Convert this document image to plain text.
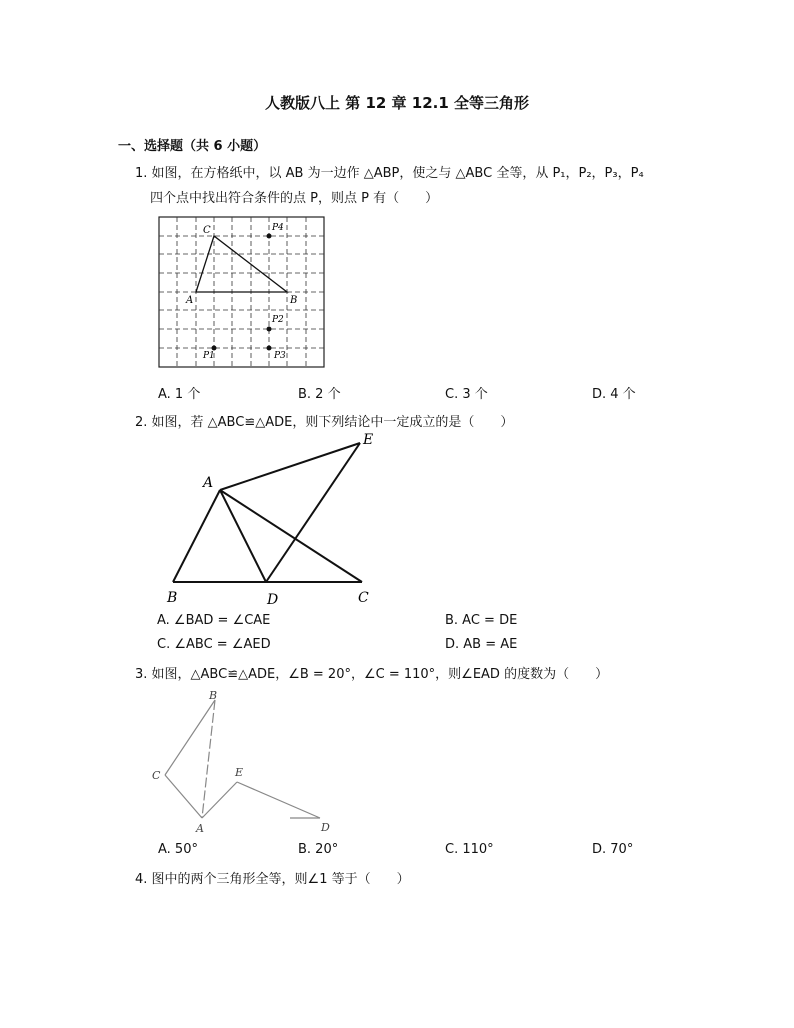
人教版八上 第 12 章 12.1 全等三角形
一、选择题（共 6 小题）
1. 如图，在方格纸中，以 AB 为一边作 △ABP，使之与 △ABC 全等，从 P₁，P₂，P₃，P₄
四个点中找出符合条件的点 P，则点 P 有（　　）
A	B
C	P4
P2
P3
P1
A. 1 个	B. 2 个	C. 3 个	D. 4 个
2. 如图，若 △ABC≌△ADE，则下列结论中一定成立的是（　　）
A
B	C
D
E
A. ∠BAD = ∠CAE	B. AC = DE
C. ∠ABC = ∠AED	D. AB = AE
3. 如图，△ABC≌△ADE，∠B = 20°，∠C = 110°，则∠EAD 的度数为（　　）
B
C
A
E
D
A. 50°	B. 20°	C. 110°	D. 70°
4. 图中的两个三角形全等，则∠1 等于（　　）
